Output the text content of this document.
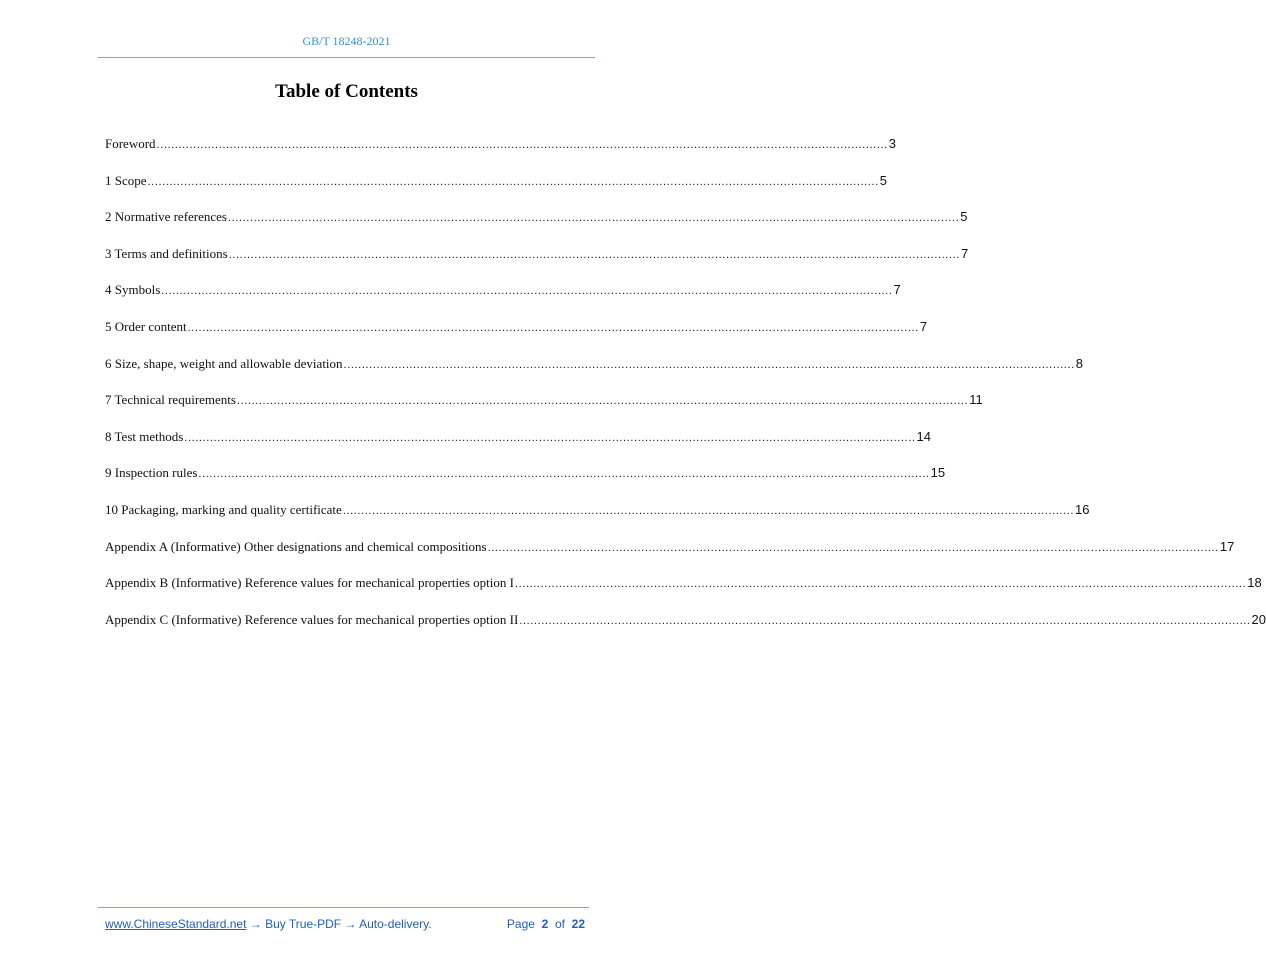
GB/T 18248-2021
Table of Contents
Foreword ........................................................................................................................................................................................................ 3
1 Scope ........................................................................................................................................................................................................ 5
2 Normative references ........................................................................................................................................................................................................ 5
3 Terms and definitions ........................................................................................................................................................................................................ 7
4 Symbols ........................................................................................................................................................................................................ 7
5 Order content ........................................................................................................................................................................................................ 7
6 Size, shape, weight and allowable deviation ........................................................................................................................................................................................................ 8
7 Technical requirements ........................................................................................................................................................................................................ 11
8 Test methods ........................................................................................................................................................................................................ 14
9 Inspection rules ........................................................................................................................................................................................................ 15
10 Packaging, marking and quality certificate ........................................................................................................................................................................................................ 16
Appendix A (Informative) Other designations and chemical compositions ........................................................................................................................................................................................................ 17
Appendix B (Informative) Reference values for mechanical properties option I ........................................................................................................................................................................................................ 18
Appendix C (Informative) Reference values for mechanical properties option II ........................................................................................................................................................................................................ 20
www.ChineseStandard.net → Buy True-PDF → Auto-delivery.	Page 2 of 22
